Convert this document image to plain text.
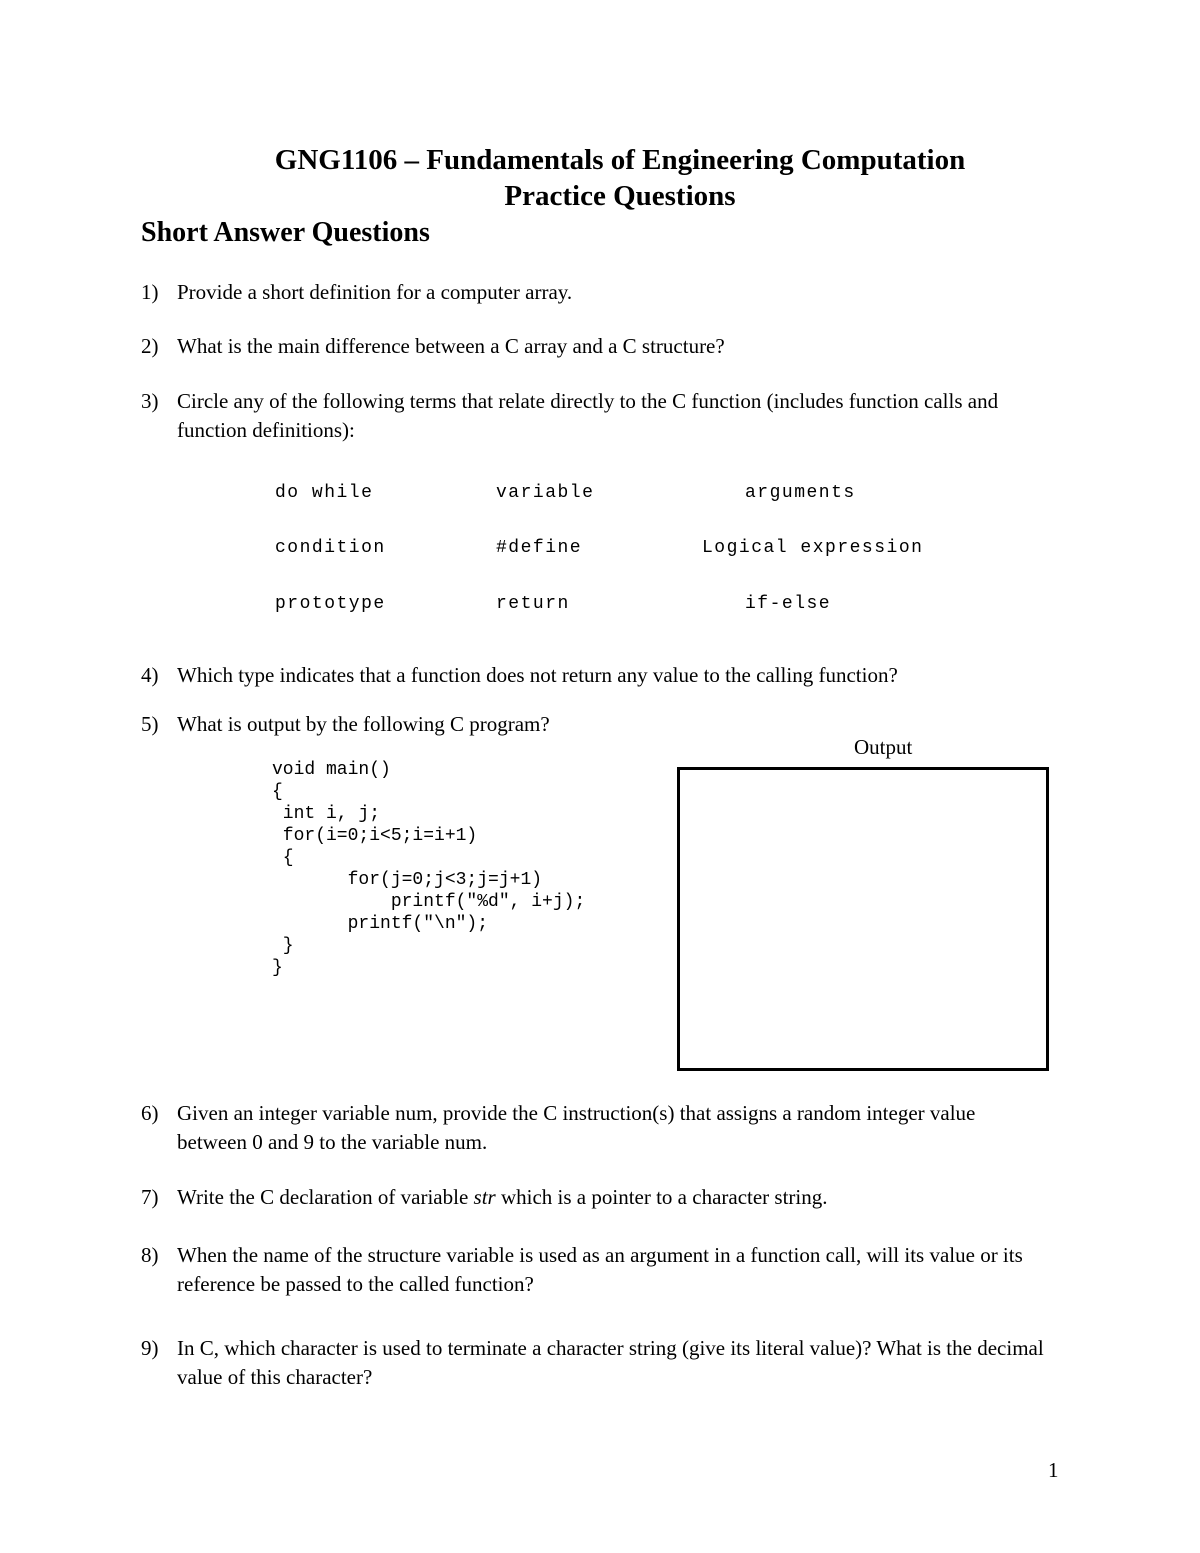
GNG1106 – Fundamentals of Engineering Computation
Practice Questions
Short Answer Questions
1) Provide a short definition for a computer array.
2) What is the main difference between a C array and a C structure?
3) Circle any of the following terms that relate directly to the C function (includes function calls and function definitions):
do while	variable	arguments
condition	#define	Logical expression
prototype	return	if-else
4) Which type indicates that a function does not return any value to the calling function?
5) What is output by the following C program?
void main()
{
int i, j;
for(i=0;i<5;i=i+1)
{
for(j=0;j<3;j=j+1)
printf("%d", i+j);
printf("\n");
}
}
Output
6) Given an integer variable num, provide the C instruction(s) that assigns a random integer value between 0 and 9 to the variable num.
7) Write the C declaration of variable str which is a pointer to a character string.
8) When the name of the structure variable is used as an argument in a function call, will its value or its reference be passed to the called function?
9) In C, which character is used to terminate a character string (give its literal value)? What is the decimal value of this character?
1
